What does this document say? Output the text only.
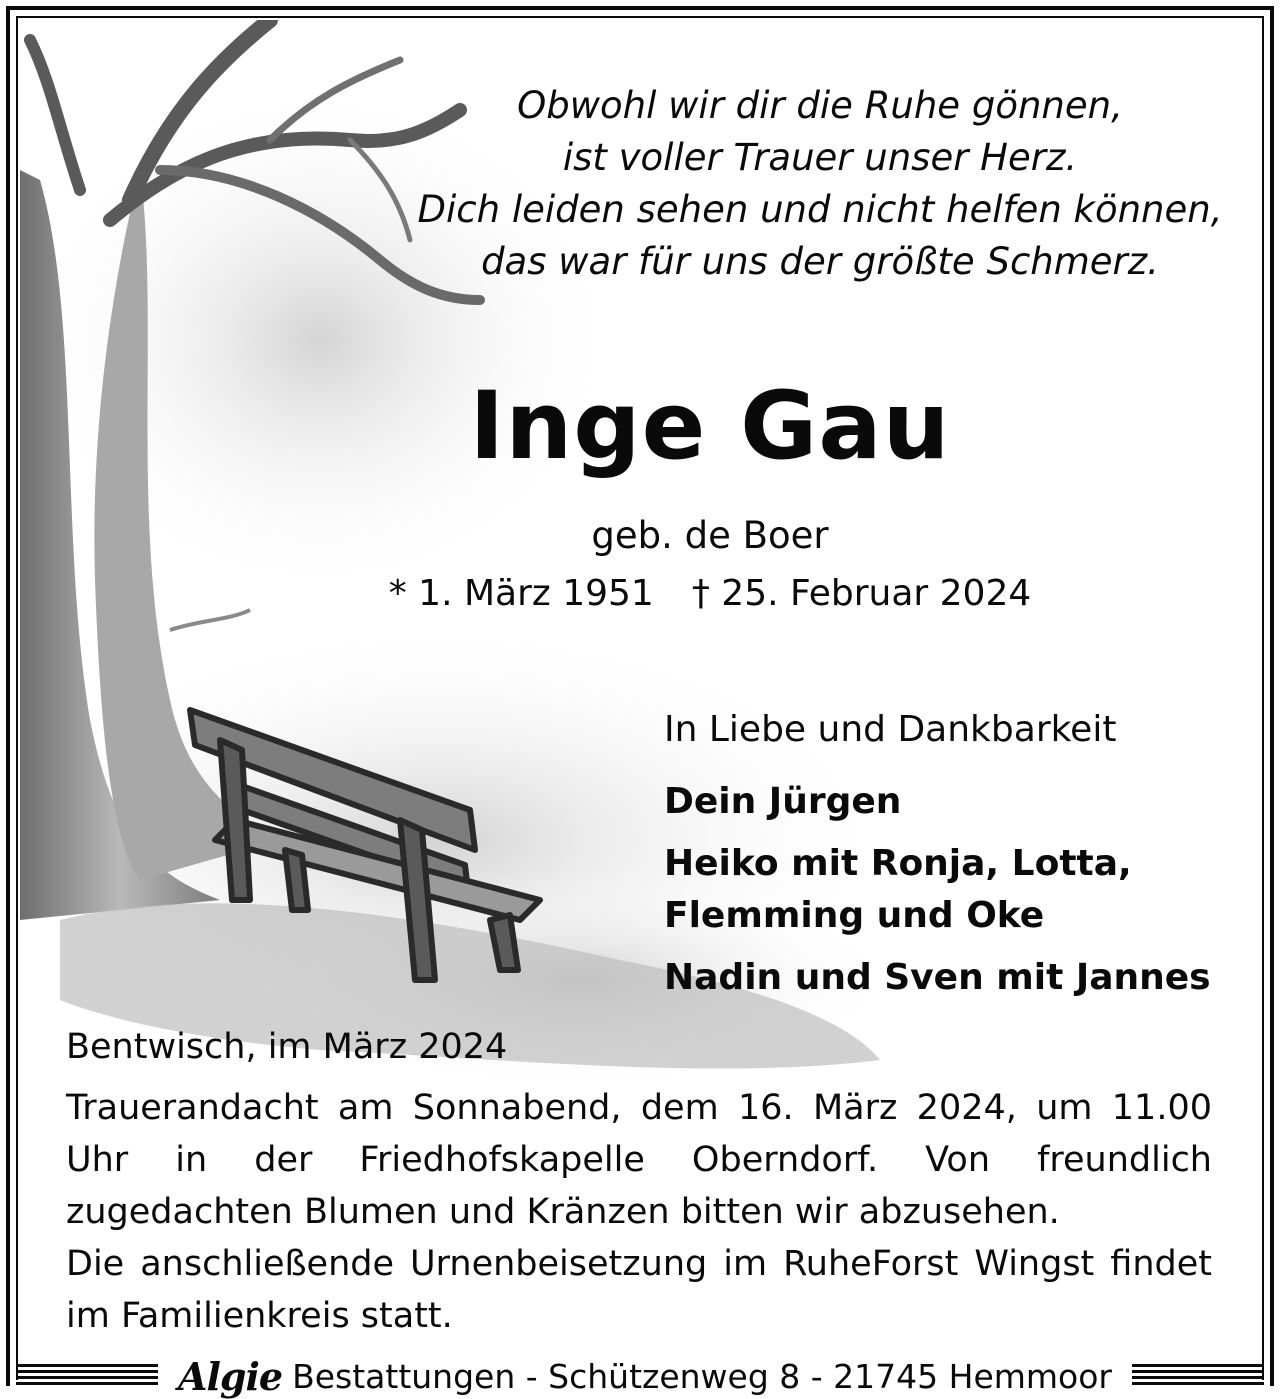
Obwohl wir dir die Ruhe gönnen,
ist voller Trauer unser Herz.
Dich leiden sehen und nicht helfen können,
das war für uns der größte Schmerz.
Inge Gau
geb. de Boer
* 1. März 1951 † 25. Februar 2024
In Liebe und Dankbarkeit
Dein Jürgen
Heiko mit Ronja, Lotta,
Flemming und Oke
Nadin und Sven mit Jannes
Bentwisch, im März 2024

Trauerandacht am Sonnabend, dem 16. März 2024, um 11.00 Uhr in der Friedhofskapelle Oberndorf. Von freundlich zugedachten Blumen und Kränzen bitten wir abzusehen.

Die anschließende Urnenbeisetzung im RuheForst Wingst findet im Familienkreis statt.

Algie Bestattungen - Schützenweg 8 - 21745 Hemmoor
